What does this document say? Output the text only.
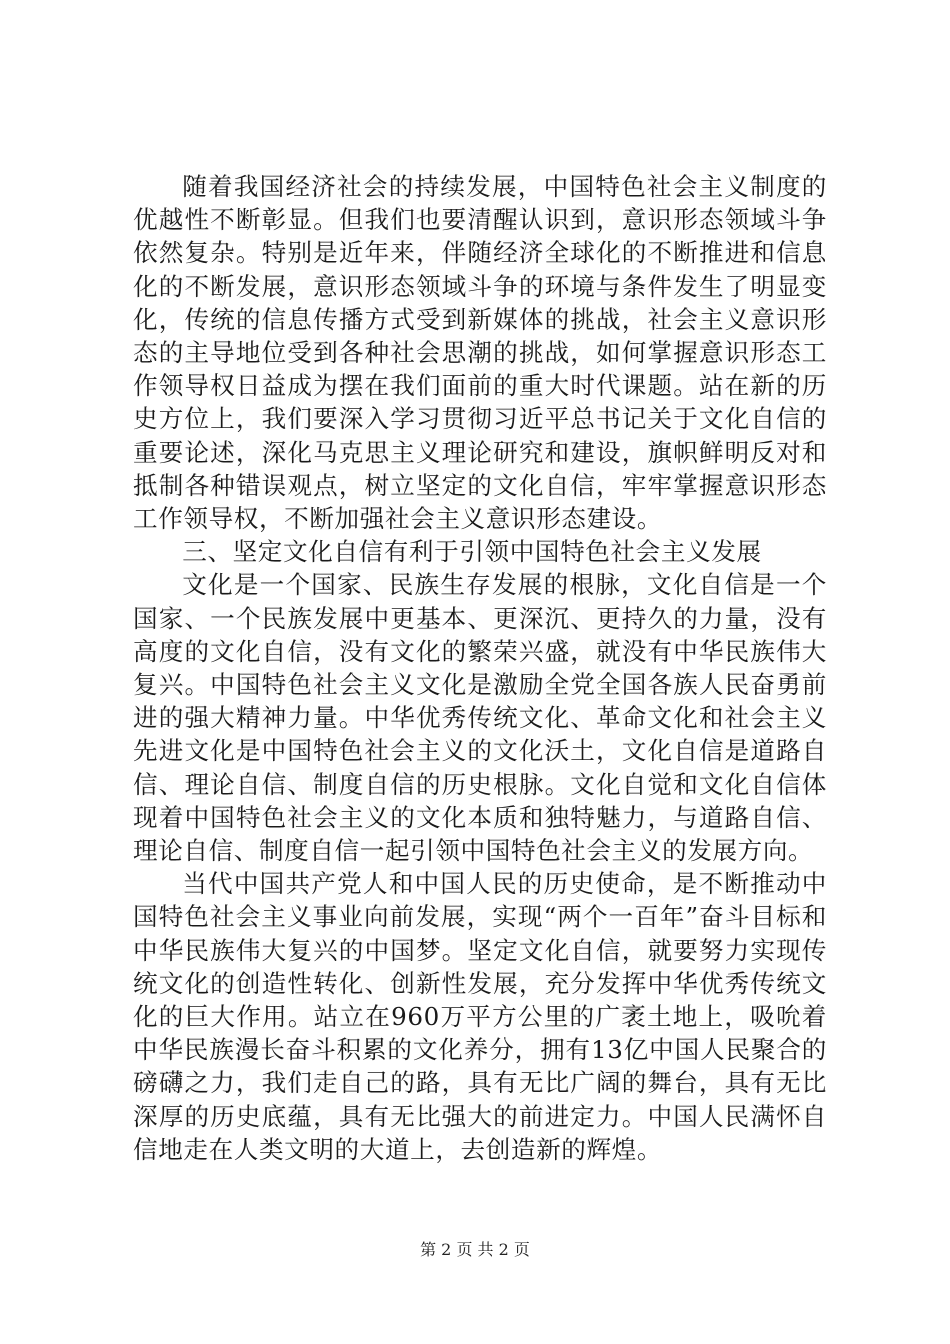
随着我国经济社会的持续发展，中国特色社会主义制度的优越性不断彰显。但我们也要清醒认识到，意识形态领域斗争依然复杂。特别是近年来，伴随经济全球化的不断推进和信息化的不断发展，意识形态领域斗争的环境与条件发生了明显变化，传统的信息传播方式受到新媒体的挑战，社会主义意识形态的主导地位受到各种社会思潮的挑战，如何掌握意识形态工作领导权日益成为摆在我们面前的重大时代课题。站在新的历史方位上，我们要深入学习贯彻习近平总书记关于文化自信的重要论述，深化马克思主义理论研究和建设，旗帜鲜明反对和抵制各种错误观点，树立坚定的文化自信，牢牢掌握意识形态工作领导权，不断加强社会主义意识形态建设。

三、坚定文化自信有利于引领中国特色社会主义发展

文化是一个国家、民族生存发展的根脉，文化自信是一个国家、一个民族发展中更基本、更深沉、更持久的力量，没有高度的文化自信，没有文化的繁荣兴盛，就没有中华民族伟大复兴。中国特色社会主义文化是激励全党全国各族人民奋勇前进的强大精神力量。中华优秀传统文化、革命文化和社会主义先进文化是中国特色社会主义的文化沃土，文化自信是道路自信、理论自信、制度自信的历史根脉。文化自觉和文化自信体现着中国特色社会主义的文化本质和独特魅力，与道路自信、理论自信、制度自信一起引领中国特色社会主义的发展方向。

当代中国共产党人和中国人民的历史使命，是不断推动中国特色社会主义事业向前发展，实现“两个一百年”奋斗目标和中华民族伟大复兴的中国梦。坚定文化自信，就要努力实现传统文化的创造性转化、创新性发展，充分发挥中华优秀传统文化的巨大作用。站立在960万平方公里的广袤土地上，吸吮着中华民族漫长奋斗积累的文化养分，拥有13亿中国人民聚合的磅礴之力，我们走自己的路，具有无比广阔的舞台，具有无比深厚的历史底蕴，具有无比强大的前进定力。中国人民满怀自信地走在人类文明的大道上，去创造新的辉煌。

第 2 页 共 2 页
